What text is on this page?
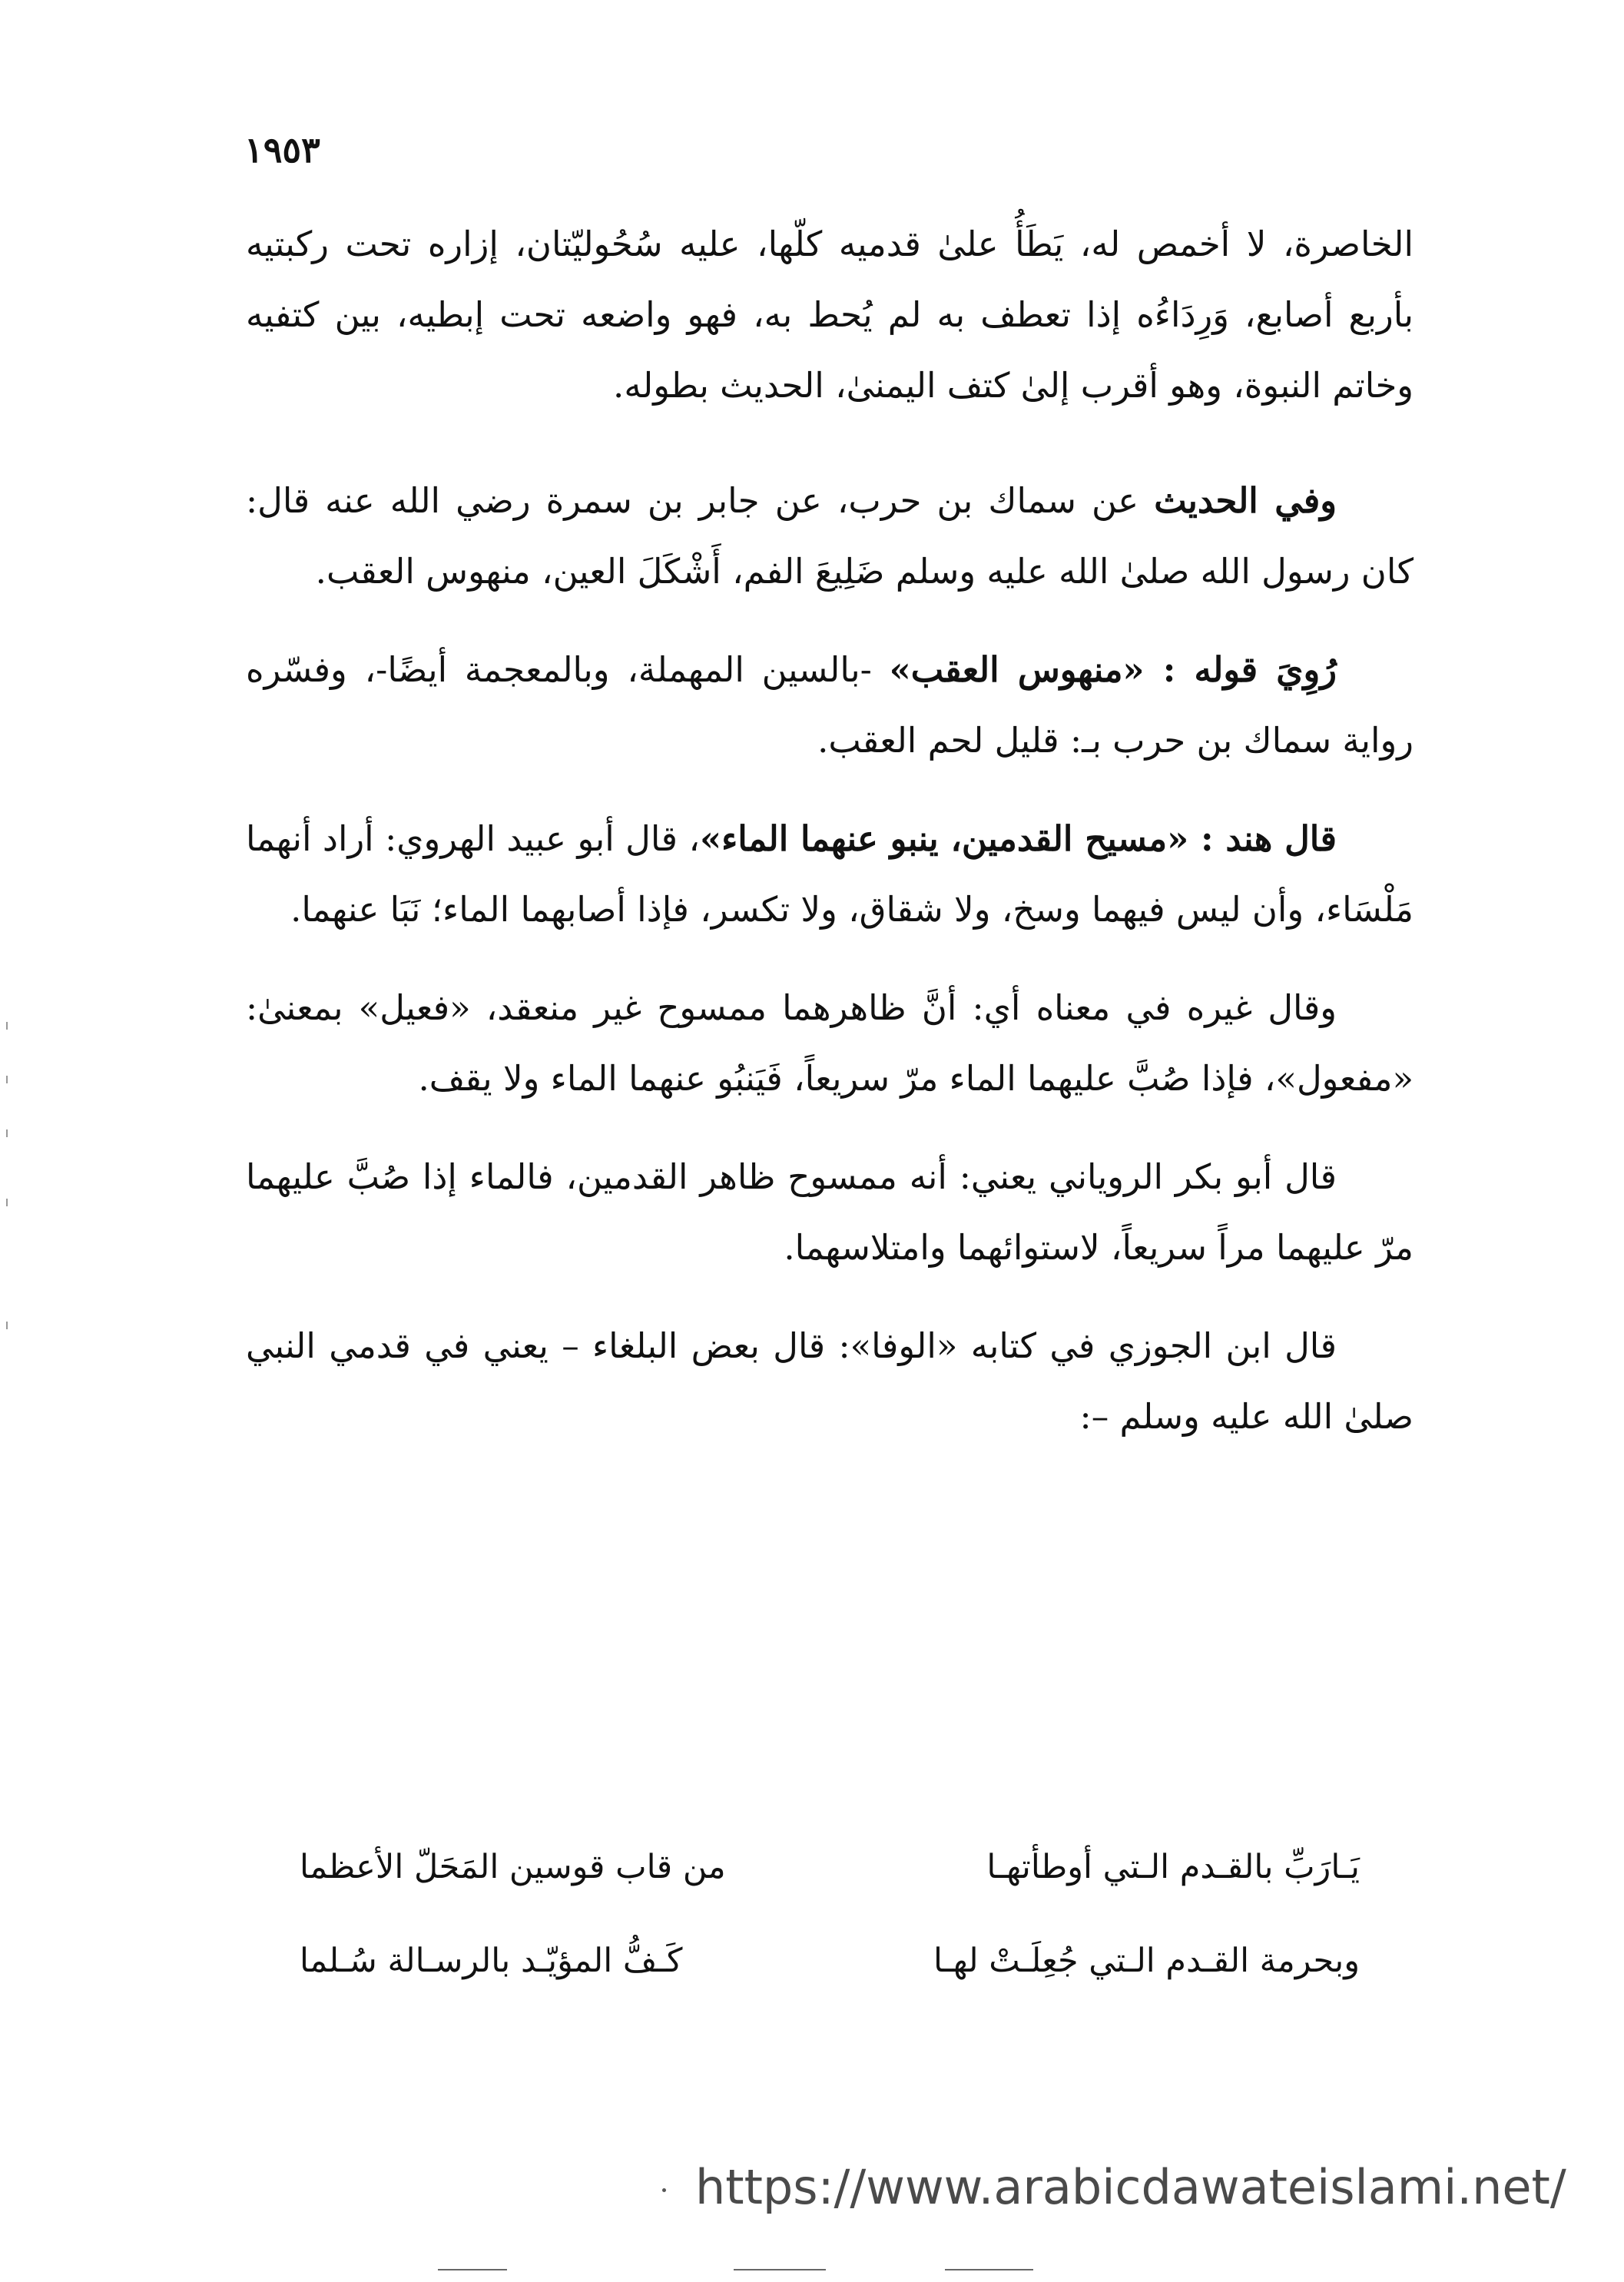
١٩٥٣

الخاصرة، لا أخمص له، يَطَأُ علىٰ قدميه كلّها، عليه سُحُوليّتان، إزاره تحت ركبتيه بأربع أصابع، وَرِدَاءُه إذا تعطف به لم يُحط به، فهو واضعه تحت إبطيه، بين كتفيه وخاتم النبوة، وهو أقرب إلىٰ كتف اليمنىٰ، الحديث بطوله.

وفي الحديث عن سماك بن حرب، عن جابر بن سمرة رضي الله عنه قال: كان رسول الله صلىٰ الله عليه وسلم ضَلِيعَ الفم، أَشْكَلَ العين، منهوس العقب.

رُوِيَ قوله : «منهوس العقب» -بالسين المهملة، وبالمعجمة أيضًا-، وفسّره رواية سماك بن حرب بـ: قليل لحم العقب.

قال هند : «مسيح القدمين، ينبو عنهما الماء»، قال أبو عبيد الهروي: أراد أنهما مَلْسَاء، وأن ليس فيهما وسخ، ولا شقاق، ولا تكسر، فإذا أصابهما الماء؛ نَبَا عنهما.

وقال غيره في معناه أي: أنَّ ظاهرهما ممسوح غير منعقد، «فعيل» بمعنىٰ: «مفعول»، فإذا صُبَّ عليهما الماء مرّ سريعاً، فَيَنبُو عنهما الماء ولا يقف.

قال أبو بكر الروياني يعني: أنه ممسوح ظاهر القدمين، فالماء إذا صُبَّ عليهما مرّ عليهما مراً سريعاً، لاستوائهما وامتلاسهما.

قال ابن الجوزي في كتابه «الوفا»: قال بعض البلغاء – يعني في قدمي النبي صلىٰ الله عليه وسلم –:

يَـارَبِّ بالقـدم الـتي أوطأتهـا
من قاب قوسين المَحَلّ الأعظما
وبحرمة القـدم الـتي جُعِلَـتْ لهـا
كَـفُّ المؤيّـد بالرسـالة سُـلما
https://www.arabicdawateislami.net/
